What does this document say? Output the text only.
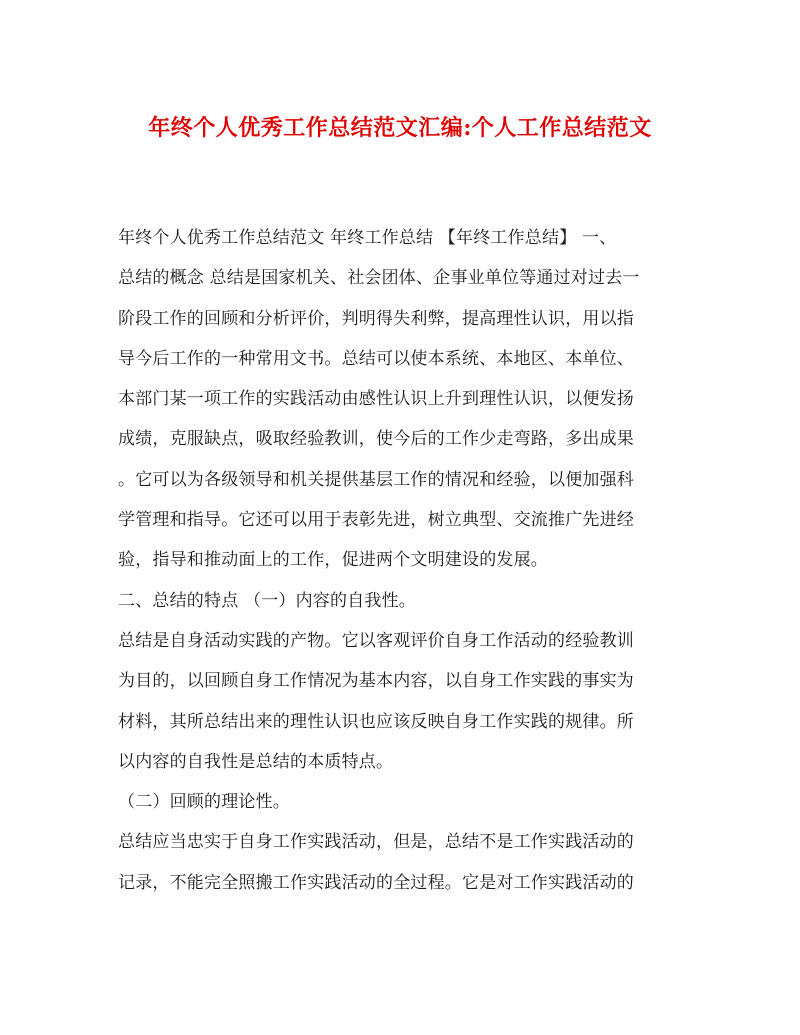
年终个人优秀工作总结范文汇编:个人工作总结范文
年终个人优秀工作总结范文 年终工作总结 【年终工作总结】 一、
总结的概念 总结是国家机关、社会团体、企事业单位等通过对过去一
阶段工作的回顾和分析评价，判明得失利弊，提高理性认识，用以指
导今后工作的一种常用文书。总结可以使本系统、本地区、本单位、
本部门某一项工作的实践活动由感性认识上升到理性认识，以便发扬
成绩，克服缺点，吸取经验教训，使今后的工作少走弯路，多出成果
。它可以为各级领导和机关提供基层工作的情况和经验，以便加强科
学管理和指导。它还可以用于表彰先进，树立典型、交流推广先进经
验，指导和推动面上的工作，促进两个文明建设的发展。
二、总结的特点 （一）内容的自我性。
总结是自身活动实践的产物。它以客观评价自身工作活动的经验教训
为目的，以回顾自身工作情况为基本内容，以自身工作实践的事实为
材料，其所总结出来的理性认识也应该反映自身工作实践的规律。所
以内容的自我性是总结的本质特点。
（二）回顾的理论性。
总结应当忠实于自身工作实践活动，但是，总结不是工作实践活动的
记录，不能完全照搬工作实践活动的全过程。它是对工作实践活动的
